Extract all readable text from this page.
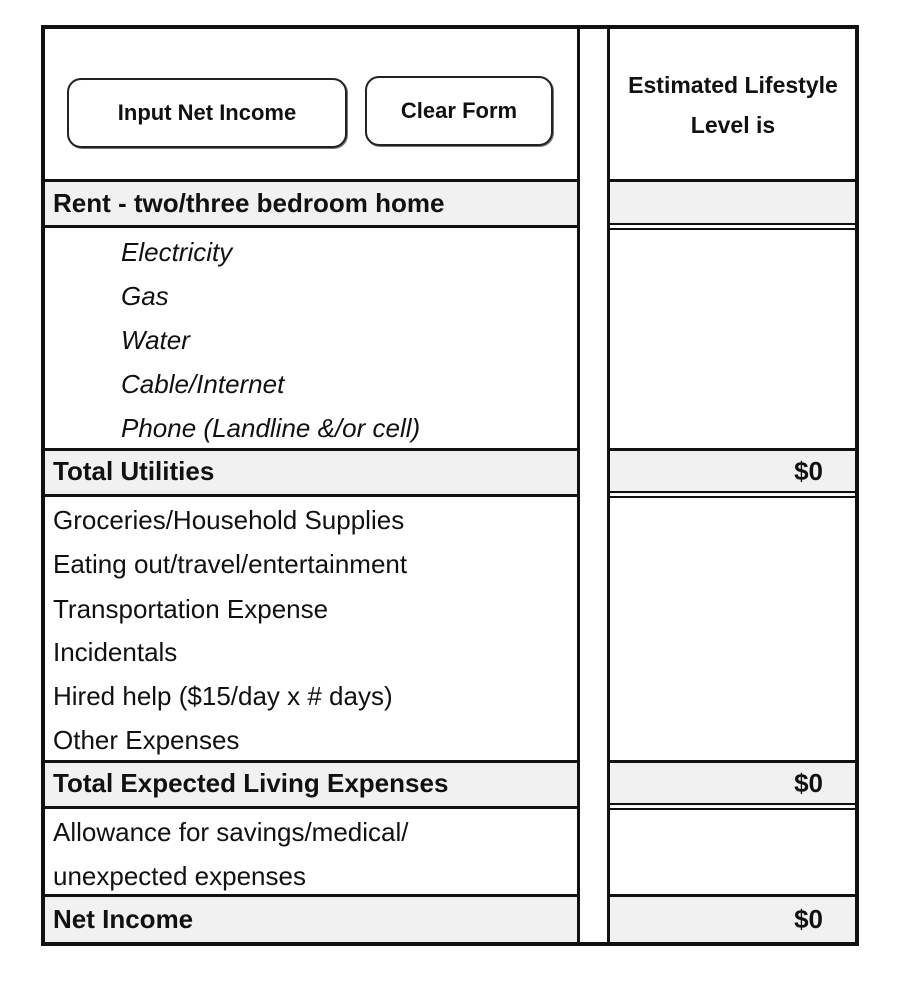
Input Net Income	Clear Form
Estimated Lifestyle
Level is
Rent - two/three bedroom home
Electricity
Gas
Water
Cable/Internet
Phone (Landline &/or cell)
Total Utilities	$0
Groceries/Household Supplies
Eating out/travel/entertainment
Transportation Expense
Incidentals
Hired help ($15/day x # days)
Other Expenses
Total Expected Living Expenses	$0
Allowance for savings/medical/
unexpected expenses
Net Income	$0
